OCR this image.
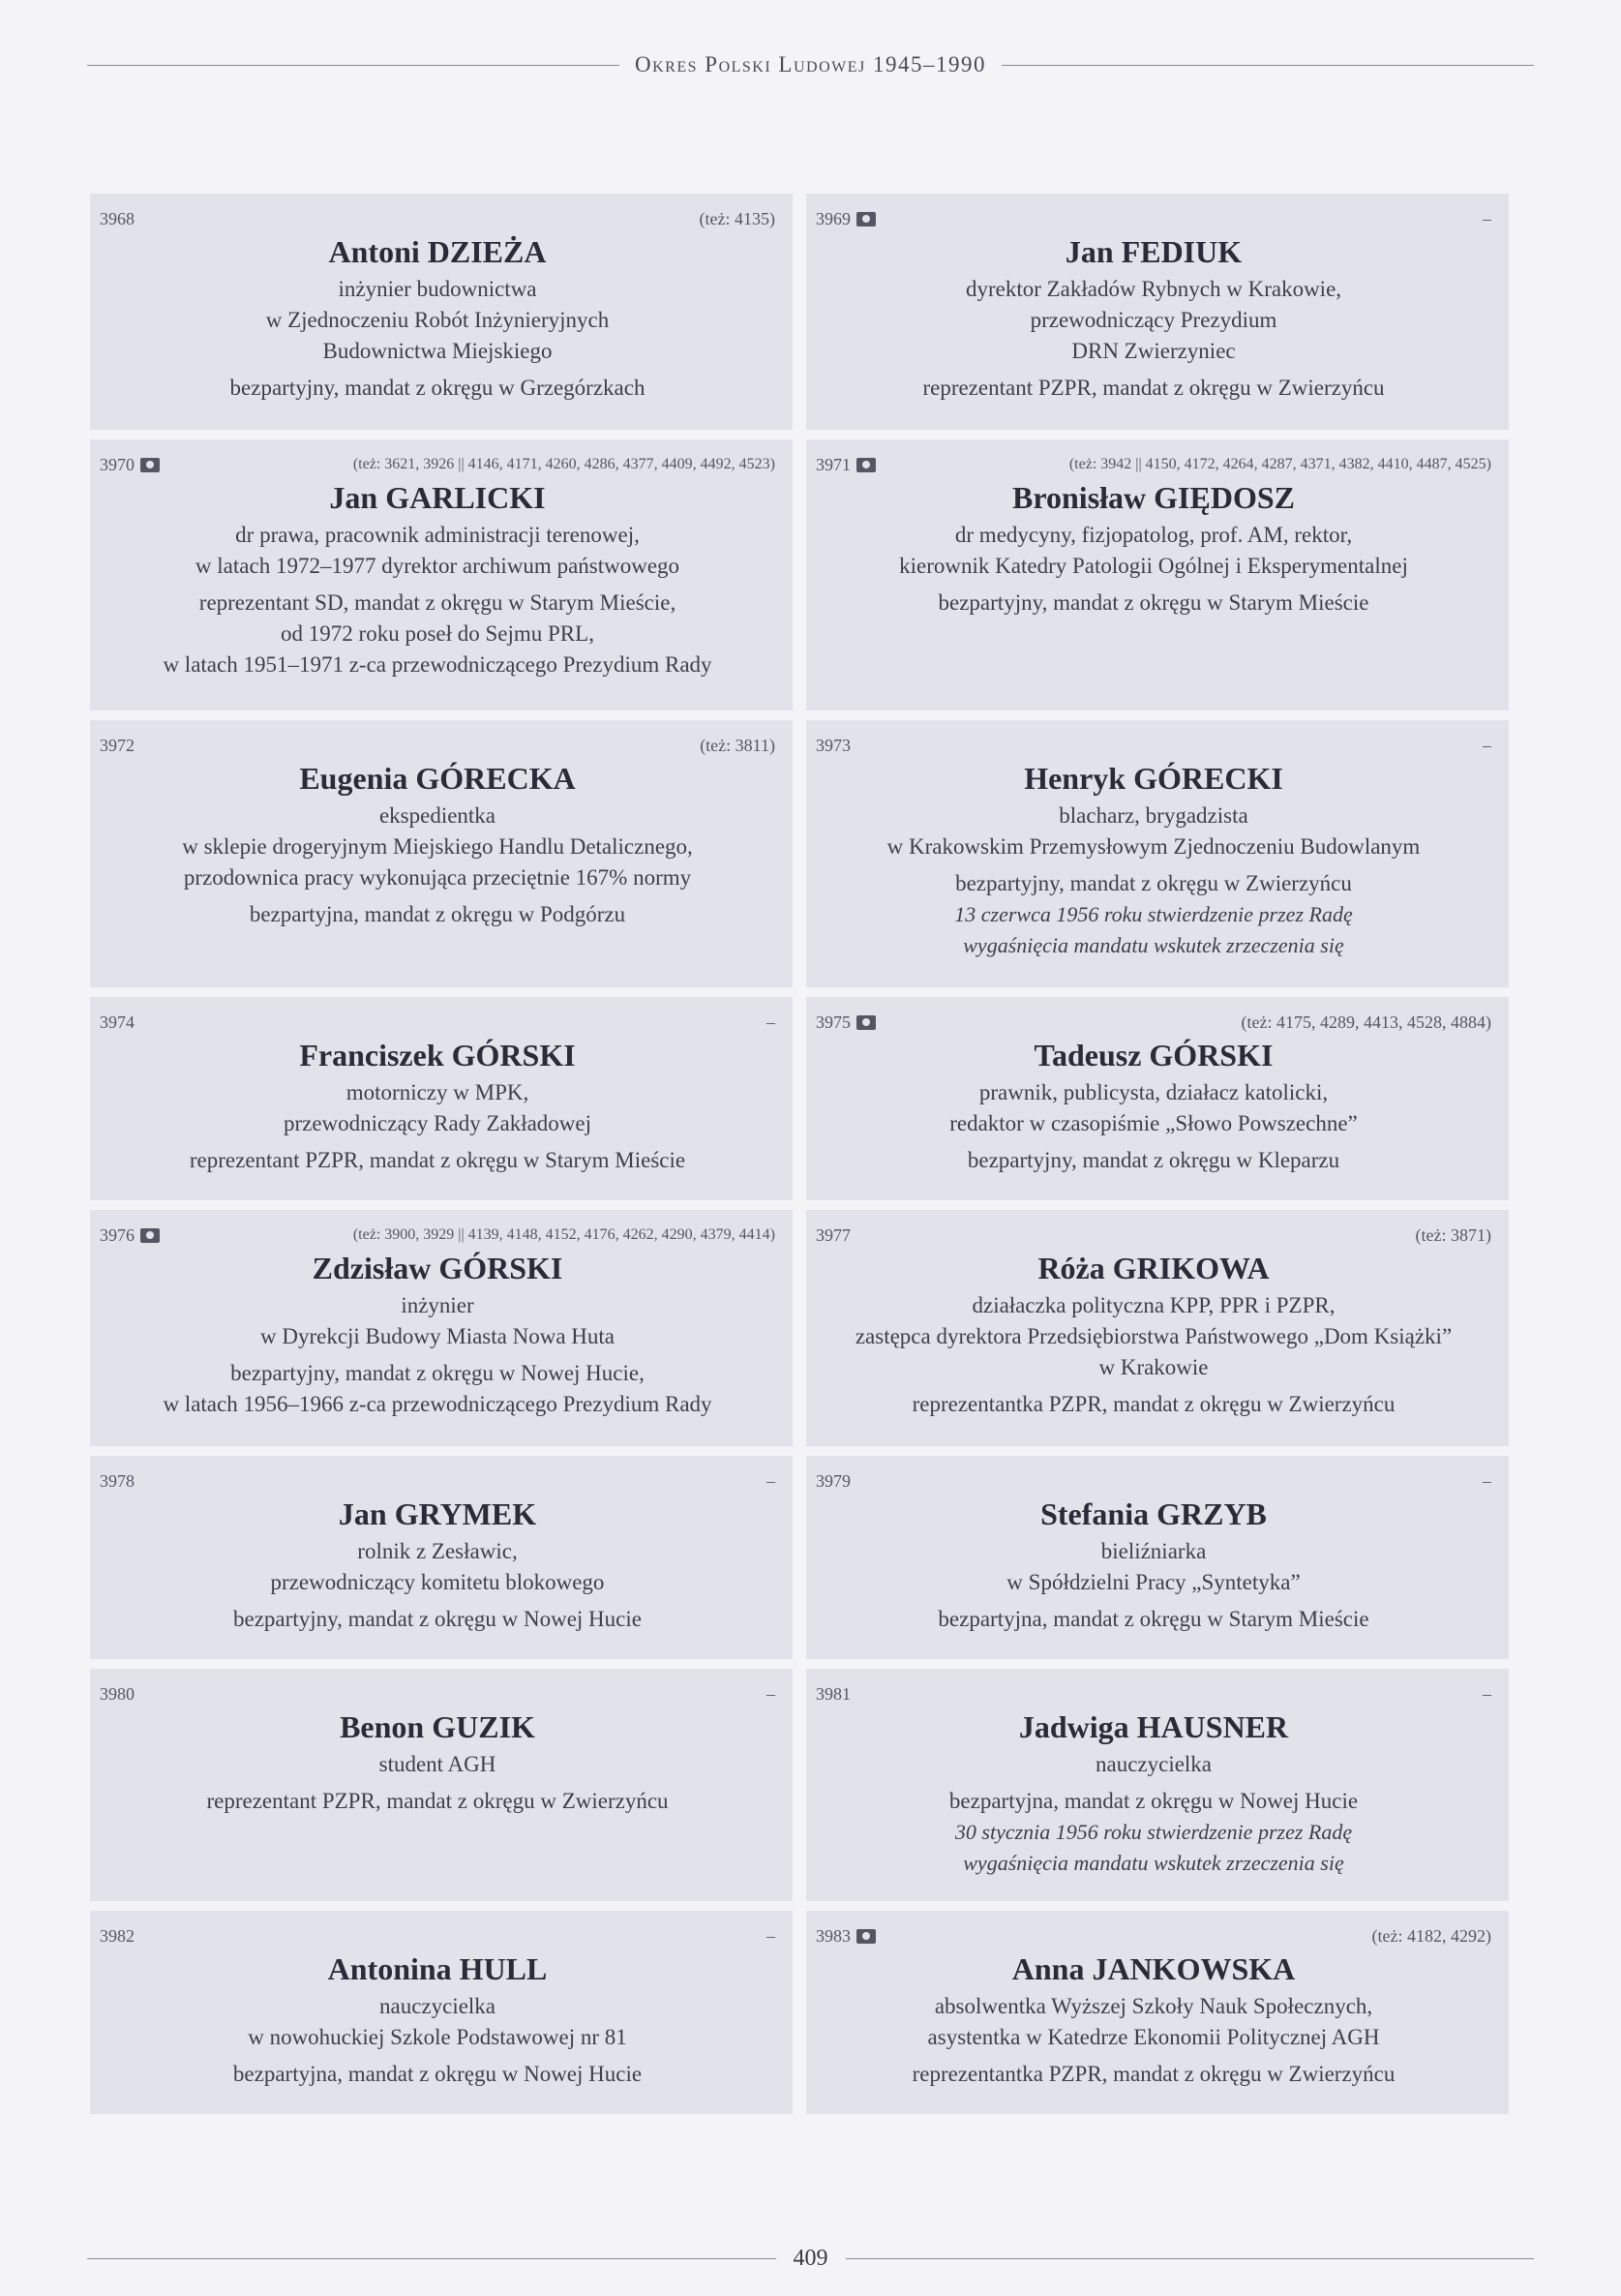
Okres Polski Ludowej 1945–1990
3968	(też: 4135)
Antoni DZIEŻA
inżynier budownictwa
w Zjednoczeniu Robót Inżynieryjnych
Budownictwa Miejskiego
bezpartyjny, mandat z okręgu w Grzegórzkach
3969	–
Jan FEDIUK
dyrektor Zakładów Rybnych w Krakowie,
przewodniczący Prezydium
DRN Zwierzyniec
reprezentant PZPR, mandat z okręgu w Zwierzyńcu
3970	(też: 3621, 3926 || 4146, 4171, 4260, 4286, 4377, 4409, 4492, 4523)
Jan GARLICKI
dr prawa, pracownik administracji terenowej,
w latach 1972–1977 dyrektor archiwum państwowego
reprezentant SD, mandat z okręgu w Starym Mieście,
od 1972 roku poseł do Sejmu PRL,
w latach 1951–1971 z-ca przewodniczącego Prezydium Rady
3971	(też: 3942 || 4150, 4172, 4264, 4287, 4371, 4382, 4410, 4487, 4525)
Bronisław GIĘDOSZ
dr medycyny, fizjopatolog, prof. AM, rektor,
kierownik Katedry Patologii Ogólnej i Eksperymentalnej
bezpartyjny, mandat z okręgu w Starym Mieście
3972	(też: 3811)
Eugenia GÓRECKA
ekspedientka
w sklepie drogeryjnym Miejskiego Handlu Detalicznego,
przodownica pracy wykonująca przeciętnie 167% normy
bezpartyjna, mandat z okręgu w Podgórzu
3973	–
Henryk GÓRECKI
blacharz, brygadzista
w Krakowskim Przemysłowym Zjednoczeniu Budowlanym
bezpartyjny, mandat z okręgu w Zwierzyńcu
13 czerwca 1956 roku stwierdzenie przez Radę
wygaśnięcia mandatu wskutek zrzeczenia się
3974	–
Franciszek GÓRSKI
motorniczy w MPK,
przewodniczący Rady Zakładowej
reprezentant PZPR, mandat z okręgu w Starym Mieście
3975	(też: 4175, 4289, 4413, 4528, 4884)
Tadeusz GÓRSKI
prawnik, publicysta, działacz katolicki,
redaktor w czasopiśmie „Słowo Powszechne”
bezpartyjny, mandat z okręgu w Kleparzu
3976	(też: 3900, 3929 || 4139, 4148, 4152, 4176, 4262, 4290, 4379, 4414)
Zdzisław GÓRSKI
inżynier
w Dyrekcji Budowy Miasta Nowa Huta
bezpartyjny, mandat z okręgu w Nowej Hucie,
w latach 1956–1966 z-ca przewodniczącego Prezydium Rady
3977	(też: 3871)
Róża GRIKOWA
działaczka polityczna KPP, PPR i PZPR,
zastępca dyrektora Przedsiębiorstwa Państwowego „Dom Książki”
w Krakowie
reprezentantka PZPR, mandat z okręgu w Zwierzyńcu
3978	–
Jan GRYMEK
rolnik z Zesławic,
przewodniczący komitetu blokowego
bezpartyjny, mandat z okręgu w Nowej Hucie
3979	–
Stefania GRZYB
bieliźniarka
w Spółdzielni Pracy „Syntetyka”
bezpartyjna, mandat z okręgu w Starym Mieście
3980	–
Benon GUZIK
student AGH
reprezentant PZPR, mandat z okręgu w Zwierzyńcu
3981	–
Jadwiga HAUSNER
nauczycielka
bezpartyjna, mandat z okręgu w Nowej Hucie
30 stycznia 1956 roku stwierdzenie przez Radę
wygaśnięcia mandatu wskutek zrzeczenia się
3982	–
Antonina HULL
nauczycielka
w nowohuckiej Szkole Podstawowej nr 81
bezpartyjna, mandat z okręgu w Nowej Hucie
3983	(też: 4182, 4292)
Anna JANKOWSKA
absolwentka Wyższej Szkoły Nauk Społecznych,
asystentka w Katedrze Ekonomii Politycznej AGH
reprezentantka PZPR, mandat z okręgu w Zwierzyńcu
409
